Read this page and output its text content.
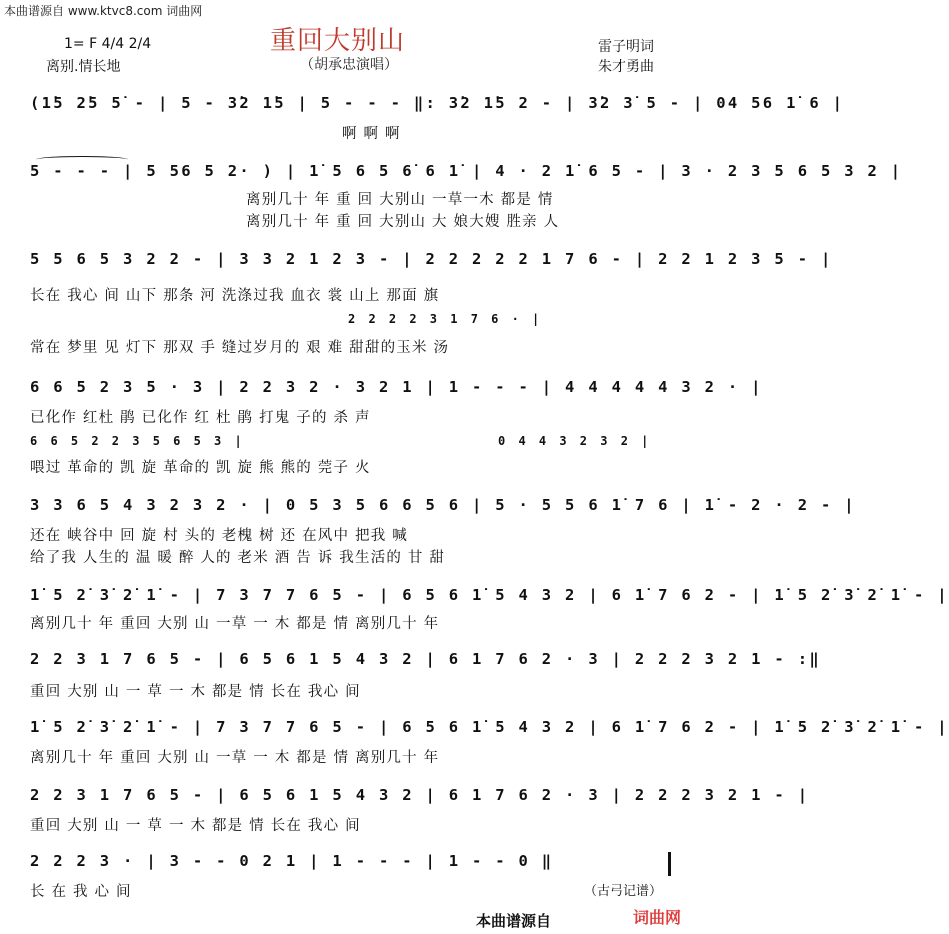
本曲谱源自 www.ktvc8.com 词曲网
重回大别山
（胡承忠演唱）
1= F 4/4 2/4
离别.情长地
雷子明词
朱才勇曲
(1̇5 2̇5 5̇ - | 5 - 3̇2 1̇5 | 5 - - - ‖: 3̇2 1̇5 2 - | 3̇2 3̇ 5 - | 04 56 1̇ 6 |
啊 啊 啊
5 - - - | 5 56 5 2· ) | 1̇ 5 6 5 6̇ 6 1̇ | 4 · 2 1̇ 6 5 - | 3 · 2 3 5 6 5 3 2 |
离别几十 年 重 回 大别山 一草一木 都是 情
离别几十 年 重 回 大别山 大 娘大嫂 胜亲 人
5 5 6 5 3 2 2 - | 3 3 2 1 2 3 - | 2 2 2 2 2 1 7 6 - | 2 2 1 2 3 5 - |
长在 我心 间 山下 那条 河 洗涤过我 血衣 裳 山上 那面 旗
2 2 2 2 3 1 7 6 · |
常在 梦里 见 灯下 那双 手 缝过岁月的 艰 难 甜甜的玉米 汤
6 6 5 2 3 5 · 3 | 2 2 3 2 · 3 2 1 | 1 - - - | 4 4 4 4 4 3 2 · |
已化作 红杜 鹃 已化作 红 杜 鹃 打鬼 子的 杀 声
6 6 5 2 2 3 5 6 5 3 |	0 4 4 3 2 3 2 |
喂过 革命的 凯 旋 革命的 凯 旋 熊 熊的 莞子 火
3 3 6 5 4 3 2 3 2 · | 0 5 3 5 6 6 5 6 | 5 · 5 5 6 1̇ 7 6 | 1̇ - 2 · 2 - |
还在 峡谷中 回 旋 村 头的 老槐 树 还 在风中 把我 喊
给了我 人生的 温 暖 醉 人的 老米 酒 告 诉 我生活的 甘 甜
1̇ 5 2̇ 3̇ 2̇ 1̇ - | 7 3 7 7 6 5 - | 6 5 6 1̇ 5 4 3 2 | 6 1̇ 7 6 2 - | 1̇ 5 2̇ 3̇ 2̇ 1̇ - |
离别几十 年 重回 大别 山 一草 一 木 都是 情 离别几十 年
2 2 3 1 7 6 5 - | 6 5 6 1 5 4 3 2 | 6 1 7 6 2 · 3 | 2 2 2 3 2 1 - :‖
重回 大别 山 一 草 一 木 都是 情 长在 我心 间
1̇ 5 2̇ 3̇ 2̇ 1̇ - | 7 3 7 7 6 5 - | 6 5 6 1̇ 5 4 3 2 | 6 1̇ 7 6 2 - | 1̇ 5 2̇ 3̇ 2̇ 1̇ - |
离别几十 年 重回 大别 山 一草 一 木 都是 情 离别几十 年
2 2 3 1 7 6 5 - | 6 5 6 1 5 4 3 2 | 6 1 7 6 2 · 3 | 2 2 2 3 2 1 - |
重回 大别 山 一 草 一 木 都是 情 长在 我心 间
2 2 2 3 · | 3 - - 0 2 1 | 1 - - - | 1 - - 0 ‖
长 在 我 心 间	（古弓记谱）
本曲谱源自	词曲网
